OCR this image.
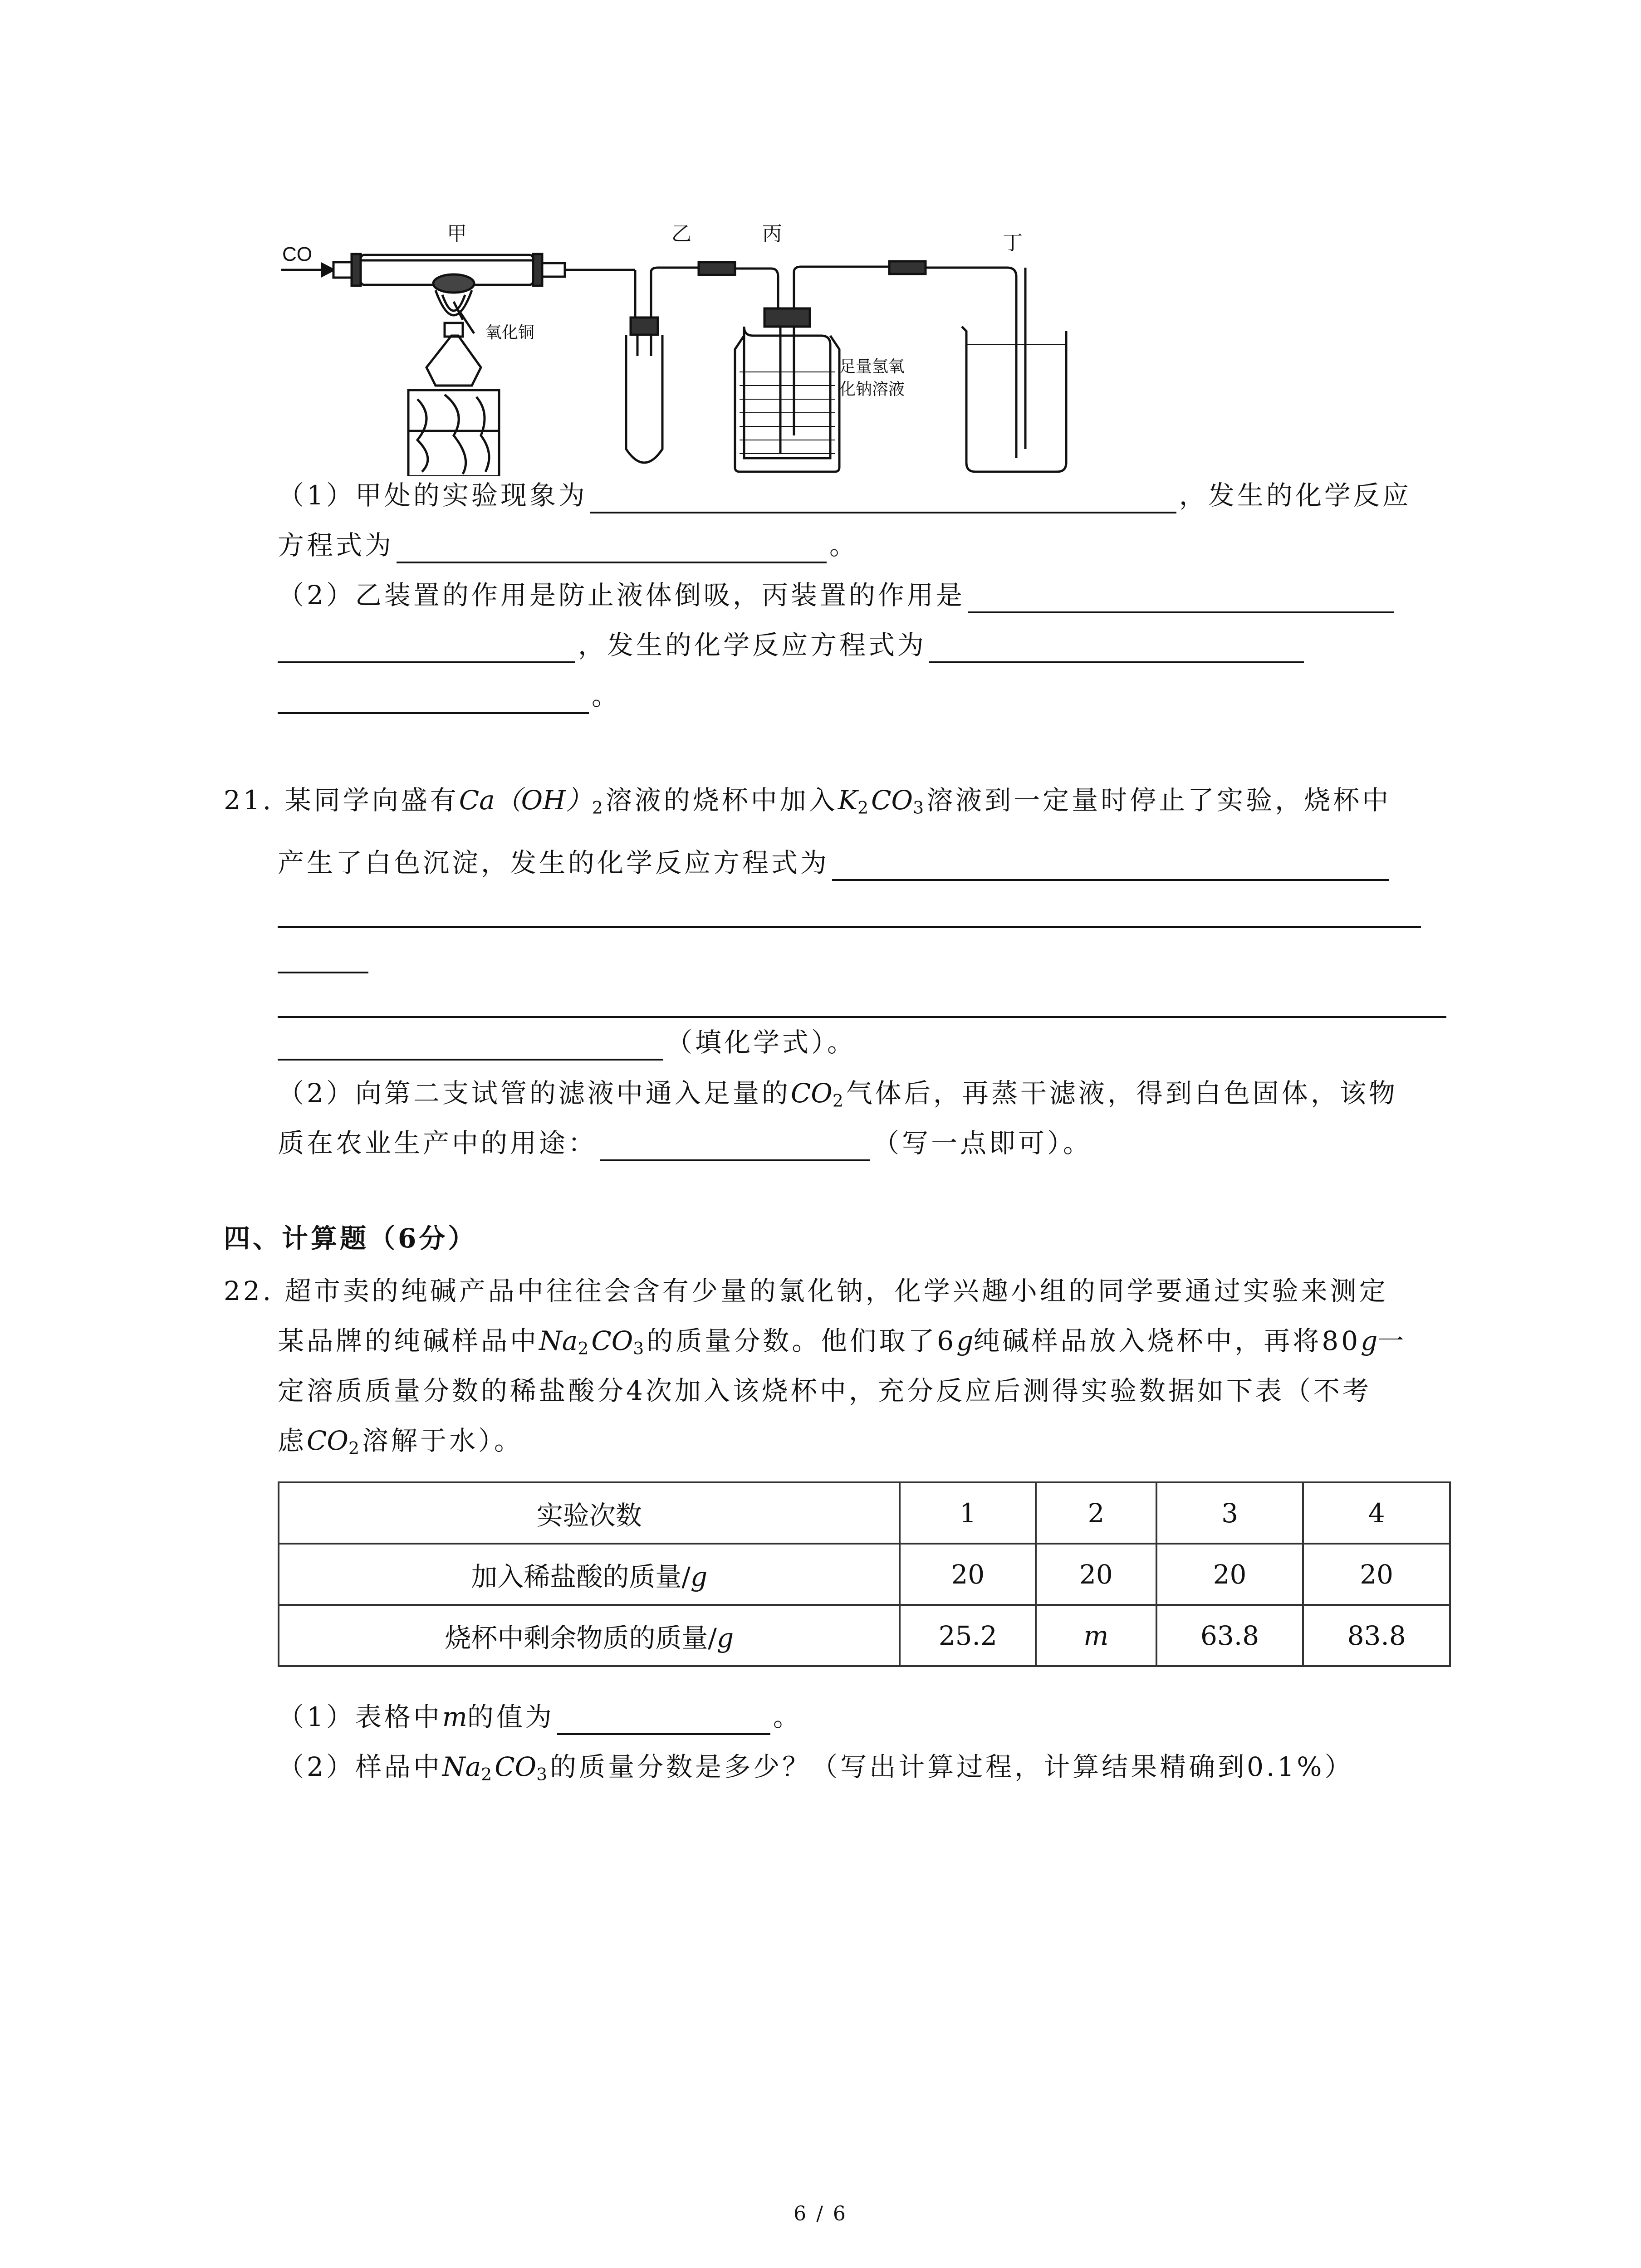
CO
甲	乙	丙	丁
氧化铜
足量氢氧
化钠溶液
（1）甲处的实验现象为	，发生的化学反应
方程式为	。
（2）乙装置的作用是防止液体倒吸，丙装置的作用是
，发生的化学反应方程式为
。
21. 某同学向盛有$Ca(OH)_2$溶液的烧杯中加入$K_2CO_3$溶液到一定量时停止了实验，烧杯中
产生了白色沉淀，发生的化学反应方程式为
（填化学式）。
（2）向第二支试管的滤液中通入足量的$CO_2$气体后，再蒸干滤液，得到白色固体，该物
质在农业生产中的用途：	（写一点即可）。
四、计算题（6分）
22. 超市卖的纯碱产品中往往会含有少量的氯化钠，化学兴趣小组的同学要通过实验来测定
某品牌的纯碱样品中$Na_2CO_3$的质量分数。他们取了6g纯碱样品放入烧杯中，再将80g一
定溶质质量分数的稀盐酸分4次加入该烧杯中，充分反应后测得实验数据如下表（不考
虑$CO_2$溶解于水）。
实验次数	1	2	3	4
加入稀盐酸的质量/g	20	20	20	20
烧杯中剩余物质的质量/g	25.2	m	63.8	83.8
（1）表格中m的值为	。
（2）样品中$Na_2CO_3$的质量分数是多少？（写出计算过程，计算结果精确到0.1%）
6 / 6
